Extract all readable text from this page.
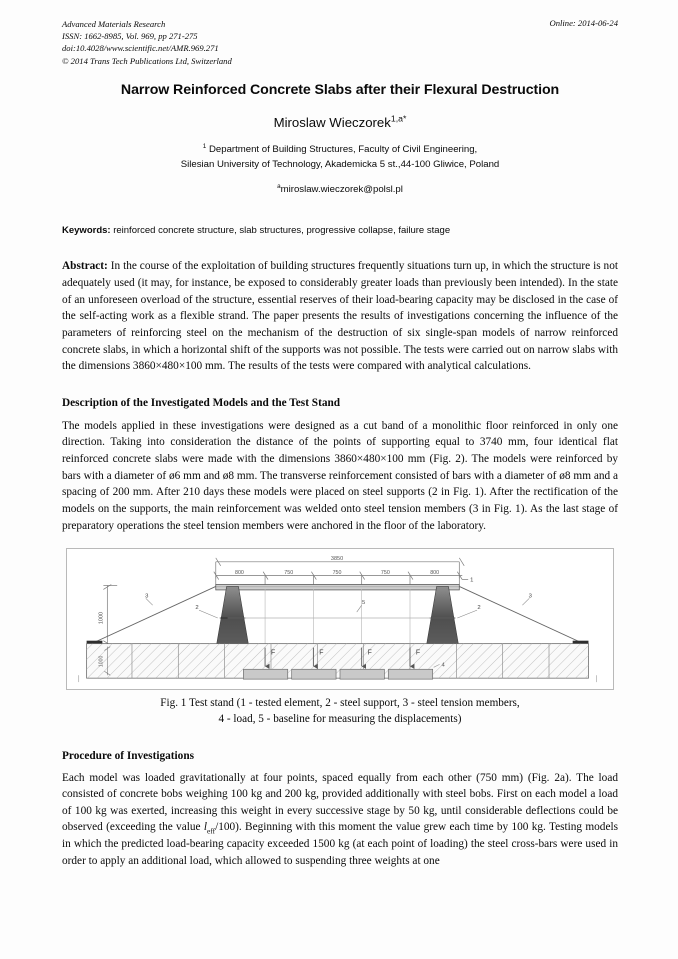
Advanced Materials Research
ISSN: 1662-8985, Vol. 969, pp 271-275
doi:10.4028/www.scientific.net/AMR.969.271
© 2014 Trans Tech Publications Ltd, Switzerland
Online: 2014-06-24
Narrow Reinforced Concrete Slabs after their Flexural Destruction
Miroslaw Wieczorek$^{1,a*}$
$^1$ Department of Building Structures, Faculty of Civil Engineering,
Silesian University of Technology, Akademicka 5 st.,44-100 Gliwice, Poland
$^a$miroslaw.wieczorek@polsl.pl
Keywords: reinforced concrete structure, slab structures, progressive collapse, failure stage
Abstract: In the course of the exploitation of building structures frequently situations turn up, in which the structure is not adequately used (it may, for instance, be exposed to considerably greater loads than previously been intended). In the state of an unforeseen overload of the structure, essential reserves of their load-bearing capacity may be disclosed in the case of the self-acting work as a flexible strand. The paper presents the results of investigations concerning the influence of the parameters of reinforcing steel on the mechanism of the destruction of six single-span models of narrow reinforced concrete slabs, in which a horizontal shift of the supports was not possible. The tests were carried out on narrow slabs with the dimensions 3860×480×100 mm. The results of the tests were compared with analytical calculations.
Description of the Investigated Models and the Test Stand
The models applied in these investigations were designed as a cut band of a monolithic floor reinforced in only one direction. Taking into consideration the distance of the points of supporting equal to 3740 mm, four identical flat reinforced concrete slabs were made with the dimensions 3860×480×100 mm (Fig. 2). The models were reinforced by bars with a diameter of ø6 mm and ø8 mm. The transverse reinforcement consisted of bars with a diameter of ø8 mm and a spacing of 200 mm. After 210 days these models were placed on steel supports (2 in Fig. 1). After the rectification of the models on the supports, the main reinforcement was welded onto steel tension members (3 in Fig. 1). As the last stage of preparatory operations the steel tension members were anchored in the floor of the laboratory.
3850
800	750	750	750	800
1
1000
3	3
2	2
5
1000
F	F	F	F
4
Fig. 1 Test stand (1 - tested element, 2 - steel support, 3 - steel tension members,
4 - load, 5 - baseline for measuring the displacements)
Procedure of Investigations
Each model was loaded gravitationally at four points, spaced equally from each other (750 mm) (Fig. 2a). The load consisted of concrete bobs weighing 100 kg and 200 kg, provided additionally with steel bobs. First on each model a load of 100 kg was exerted, increasing this weight in every successive stage by 50 kg, until considerable deflections could be observed (exceeding the value $l_{eff}/100$). Beginning with this moment the value grew each time by 100 kg. Testing models in which the predicted load-bearing capacity exceeded 1500 kg (at each point of loading) the steel cross-bars were used in order to apply an additional load, which allowed to suspending three weights at one
